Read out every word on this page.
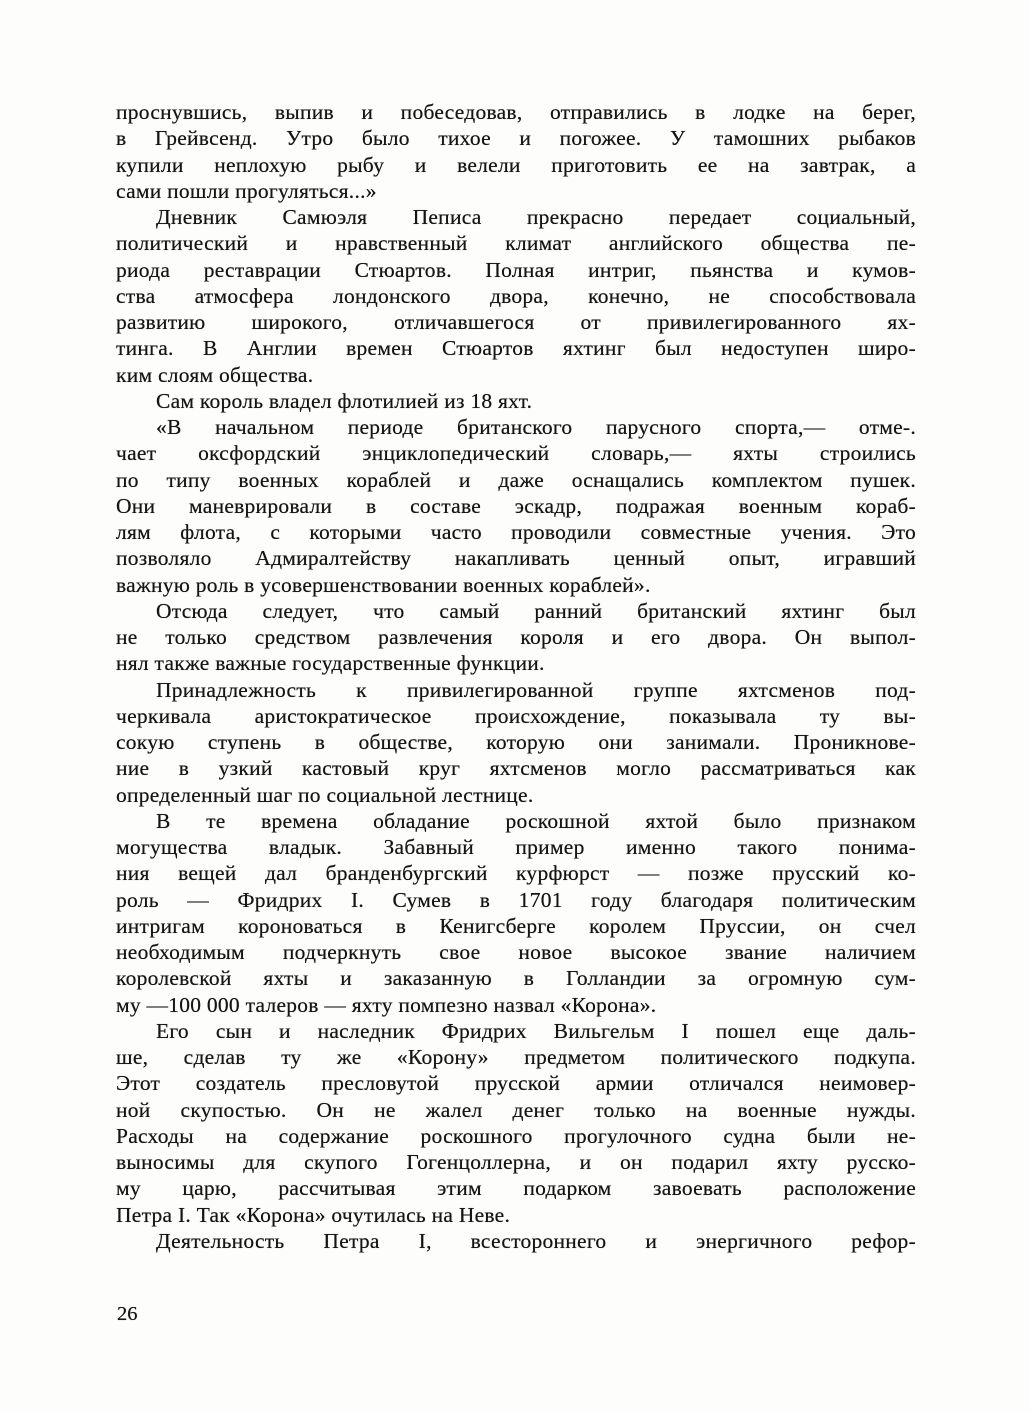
проснувшись, выпив и побеседовав, отправились в лодке на берег,
в Грейвсенд. Утро было тихое и погожее. У тамошних рыбаков
купили неплохую рыбу и велели приготовить ее на завтрак, а
сами пошли прогуляться...»
Дневник Самюэля Пеписа прекрасно передает социальный,
политический и нравственный климат английского общества пе-
риода реставрации Стюартов. Полная интриг, пьянства и кумов-
ства атмосфера лондонского двора, конечно, не способствовала
развитию широкого, отличавшегося от привилегированного ях-
тинга. В Англии времен Стюартов яхтинг был недоступен широ-
ким слоям общества.
Сам король владел флотилией из 18 яхт.
«В начальном периоде британского парусного спорта,— отме-.
чает оксфордский энциклопедический словарь,— яхты строились
по типу военных кораблей и даже оснащались комплектом пушек.
Они маневрировали в составе эскадр, подражая военным кораб-
лям флота, с которыми часто проводили совместные учения. Это
позволяло Адмиралтейству накапливать ценный опыт, игравший
важную роль в усовершенствовании военных кораблей».
Отсюда следует, что самый ранний британский яхтинг был
не только средством развлечения короля и его двора. Он выпол-
нял также важные государственные функции.
Принадлежность к привилегированной группе яхтсменов под-
черкивала аристократическое происхождение, показывала ту вы-
сокую ступень в обществе, которую они занимали. Проникнове-
ние в узкий кастовый круг яхтсменов могло рассматриваться как
определенный шаг по социальной лестнице.
В те времена обладание роскошной яхтой было признаком
могущества владык. Забавный пример именно такого понима-
ния вещей дал бранденбургский курфюрст — позже прусский ко-
роль — Фридрих I. Сумев в 1701 году благодаря политическим
интригам короноваться в Кенигсберге королем Пруссии, он счел
необходимым подчеркнуть свое новое высокое звание наличием
королевской яхты и заказанную в Голландии за огромную сум-
му —100 000 талеров — яхту помпезно назвал «Корона».
Его сын и наследник Фридрих Вильгельм I пошел еще даль-
ше, сделав ту же «Корону» предметом политического подкупа.
Этот создатель пресловутой прусской армии отличался неимовер-
ной скупостью. Он не жалел денег только на военные нужды.
Расходы на содержание роскошного прогулочного судна были не-
выносимы для скупого Гогенцоллерна, и он подарил яхту русско-
му царю, рассчитывая этим подарком завоевать расположение
Петра I. Так «Корона» очутилась на Неве.
Деятельность Петра I, всестороннего и энергичного рефор-
26
